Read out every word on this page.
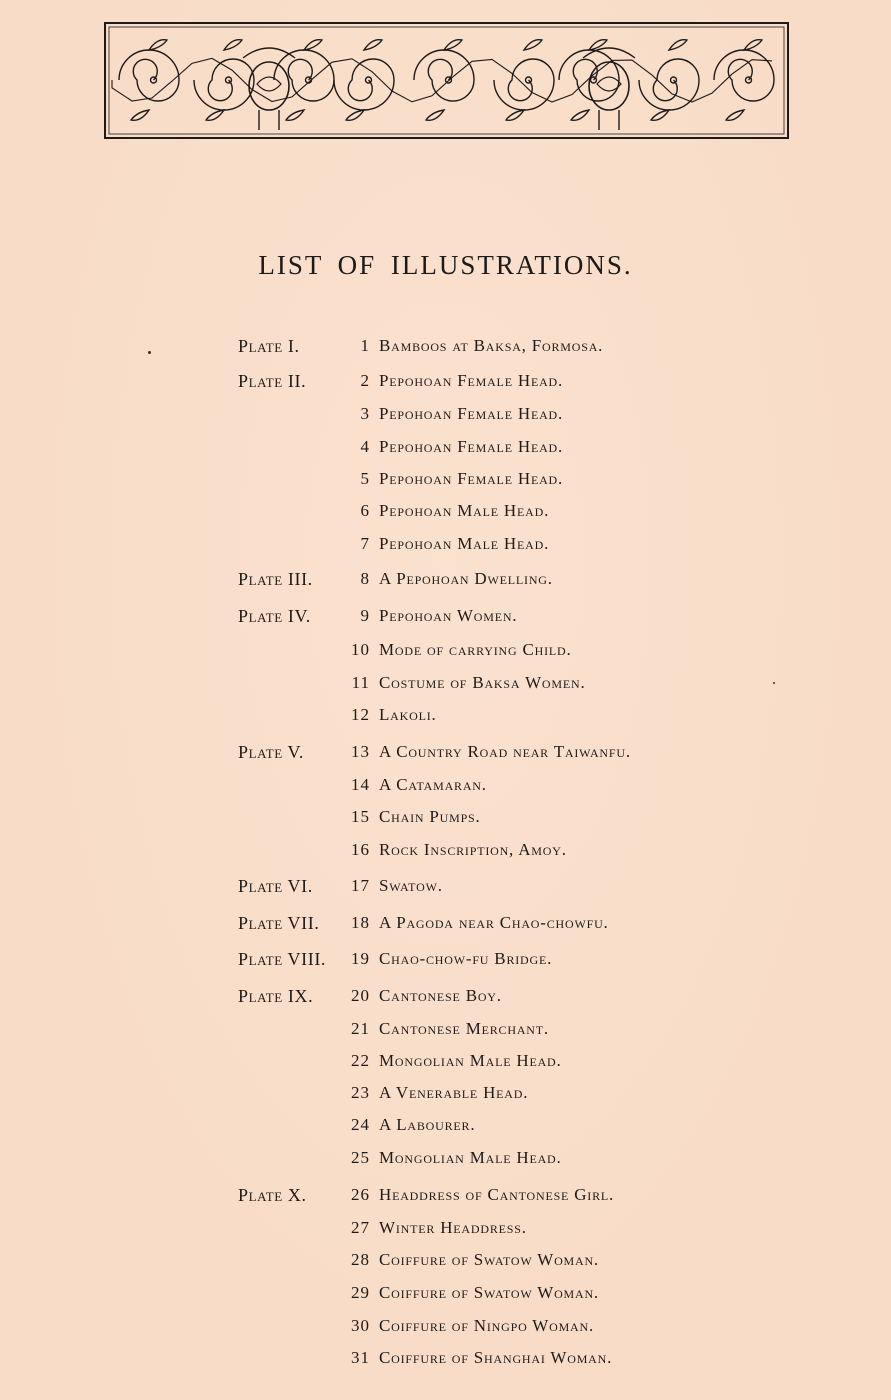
LIST OF ILLUSTRATIONS.
Plate I.	1 Bamboos at Baksa, Formosa.
Plate II.	2 Pepohoan Female Head.
3 Pepohoan Female Head.
4 Pepohoan Female Head.
5 Pepohoan Female Head.
6 Pepohoan Male Head.
7 Pepohoan Male Head.
Plate III.	8 A Pepohoan Dwelling.
Plate IV.	9 Pepohoan Women.
10 Mode of carrying Child.
11 Costume of Baksa Women.
12 Lakoli.
Plate V.	13 A Country Road near Taiwanfu.
14 A Catamaran.
15 Chain Pumps.
16 Rock Inscription, Amoy.
Plate VI. 17 Swatow.
Plate VII. 18 A Pagoda near Chao-chowfu.
Plate VIII. 19 Chao-chow-fu Bridge.
Plate IX. 20 Cantonese Boy.
21 Cantonese Merchant.
22 Mongolian Male Head.
23 A Venerable Head.
24 A Labourer.
25 Mongolian Male Head.
Plate X.	26 Headdress of Cantonese Girl.
27 Winter Headdress.
28 Coiffure of Swatow Woman.
29 Coiffure of Swatow Woman.
30 Coiffure of Ningpo Woman.
31 Coiffure of Shanghai Woman.
